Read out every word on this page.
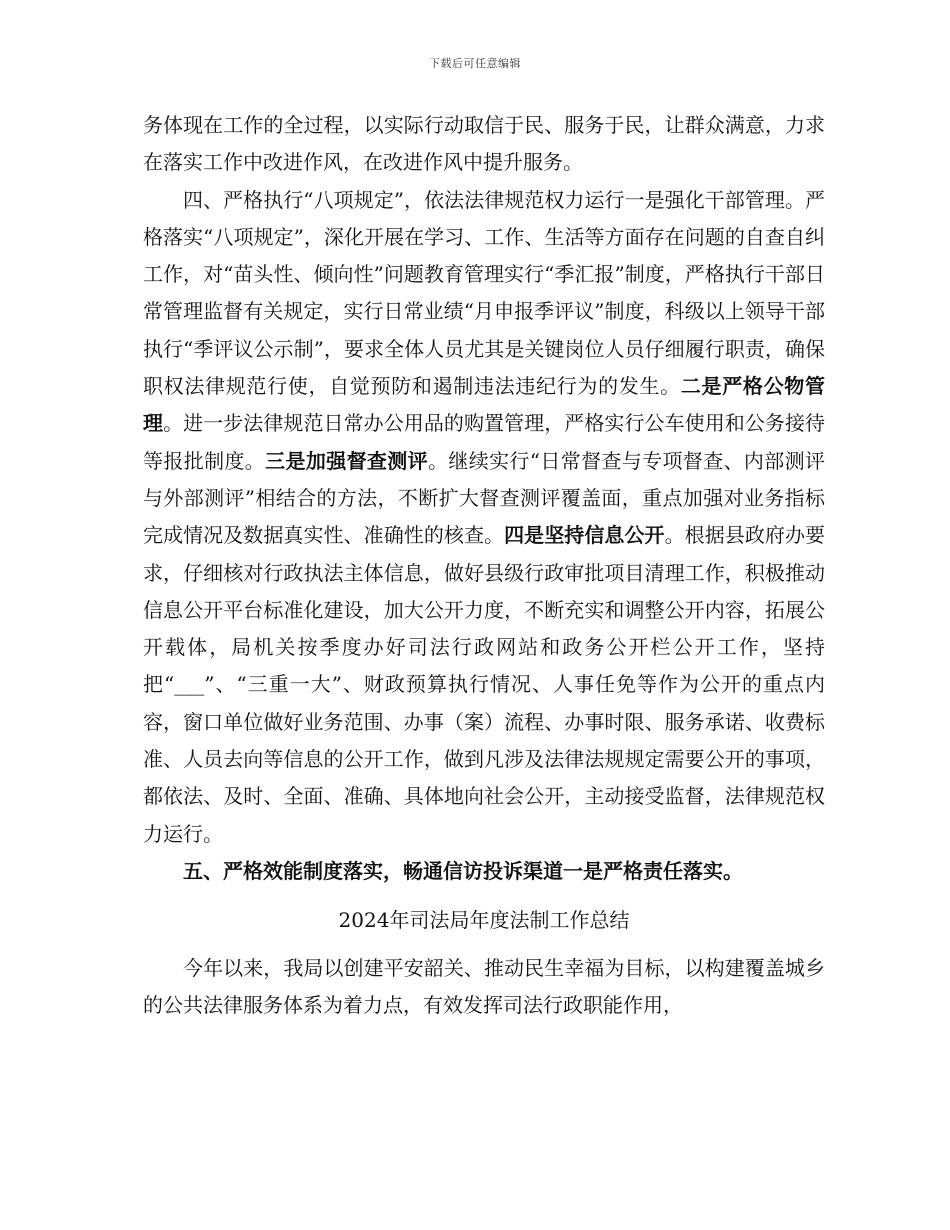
下载后可任意编辑

务体现在工作的全过程，以实际行动取信于民、服务于民，让群众满意，力求在落实工作中改进作风，在改进作风中提升服务。

四、严格执行“八项规定”，依法法律规范权力运行一是强化干部管理。严格落实“八项规定”，深化开展在学习、工作、生活等方面存在问题的自查自纠工作，对“苗头性、倾向性”问题教育管理实行“季汇报”制度，严格执行干部日常管理监督有关规定，实行日常业绩“月申报季评议”制度，科级以上领导干部执行“季评议公示制”，要求全体人员尤其是关键岗位人员仔细履行职责，确保职权法律规范行使，自觉预防和遏制违法违纪行为的发生。二是严格公物管理。进一步法律规范日常办公用品的购置管理，严格实行公车使用和公务接待等报批制度。三是加强督查测评。继续实行“日常督查与专项督查、内部测评与外部测评”相结合的方法，不断扩大督查测评覆盖面，重点加强对业务指标完成情况及数据真实性、准确性的核查。四是坚持信息公开。根据县政府办要求，仔细核对行政执法主体信息，做好县级行政审批项目清理工作，积极推动信息公开平台标准化建设，加大公开力度，不断充实和调整公开内容，拓展公开载体，局机关按季度办好司法行政网站和政务公开栏公开工作，坚持把“___”、“三重一大”、财政预算执行情况、人事任免等作为公开的重点内容，窗口单位做好业务范围、办事（案）流程、办事时限、服务承诺、收费标准、人员去向等信息的公开工作，做到凡涉及法律法规规定需要公开的事项，都依法、及时、全面、准确、具体地向社会公开，主动接受监督，法律规范权力运行。

五、严格效能制度落实，畅通信访投诉渠道一是严格责任落实。

2024年司法局年度法制工作总结

今年以来，我局以创建平安韶关、推动民生幸福为目标，以构建覆盖城乡的公共法律服务体系为着力点，有效发挥司法行政职能作用，
